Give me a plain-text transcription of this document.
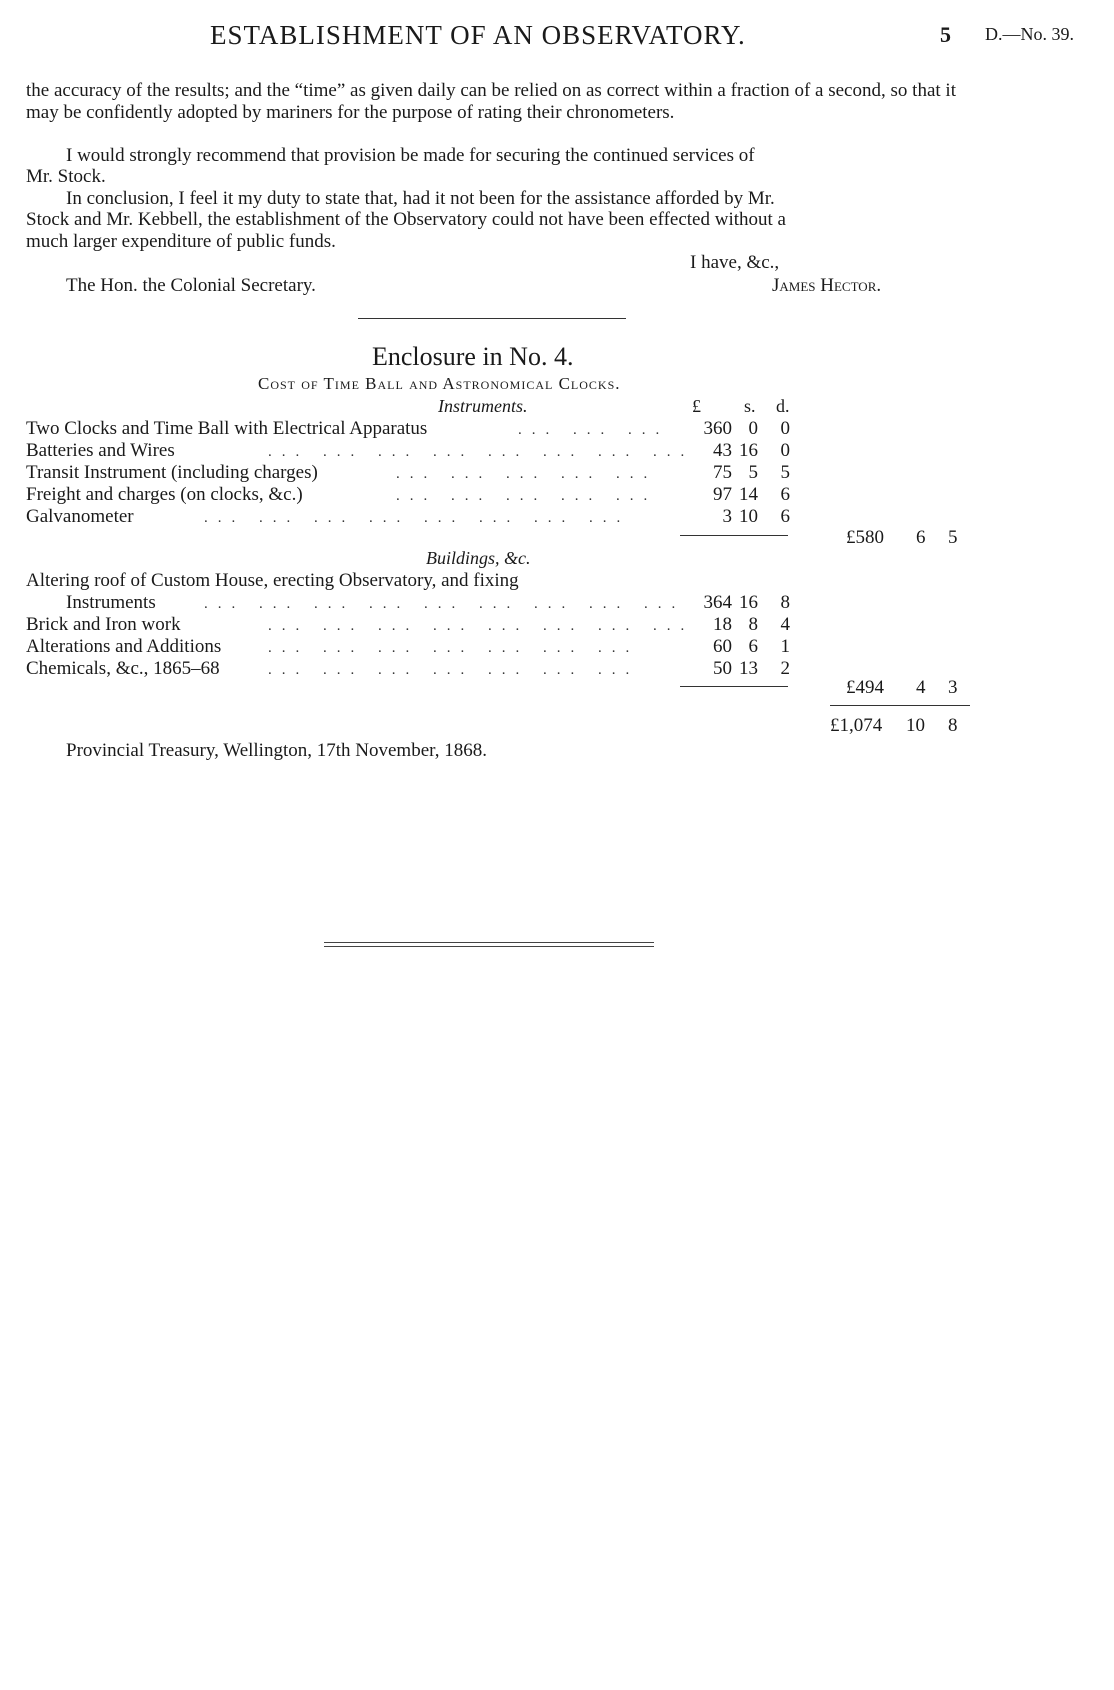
ESTABLISHMENT OF AN OBSERVATORY.	5 D.—No. 39.
the accuracy of the results; and the “time” as given daily can be relied on as correct within a fraction of a second, so that it may be confidently adopted by mariners for the purpose of rating their chronometers.
I would strongly recommend that provision be made for securing the continued services of
Mr. Stock.
In conclusion, I feel it my duty to state that, had it not been for the assistance afforded by Mr.
Stock and Mr. Kebbell, the establishment of the Observatory could not have been effected without a
much larger expenditure of public funds.
I have, &c.,
The Hon. the Colonial Secretary.	James Hector.
Enclosure in No. 4.
Cost of Time Ball and Astronomical Clocks.
Instruments.	£ s. d.
Two Clocks and Time Ball with Electrical Apparatus	... ... ...	360 0	0
Batteries and Wires	... ... ... ... ... ... ... ... 43 16	0
Transit Instrument (including charges)	... ... ... ... ...	75 5	5
Freight and charges (on clocks, &c.)	... ... ... ... ...	97 14	6
Galvanometer	... ... ... ... ... ... ... ...	3 10	6
£580 6 5
Buildings, &c.
Altering roof of Custom House, erecting Observatory, and fixing
Instruments	... ... ... ... ... ... ... ... ... 364 16	8
Brick and Iron work	... ... ... ... ... ... ... ... 18 8	4
Alterations and Additions	... ... ... ... ... ... ...	60 6	1
Chemicals, &c., 1865–68	... ... ... ... ... ... ...	50 13	2
£494 4 3
£1,074 10 8
Provincial Treasury, Wellington, 17th November, 1868.
